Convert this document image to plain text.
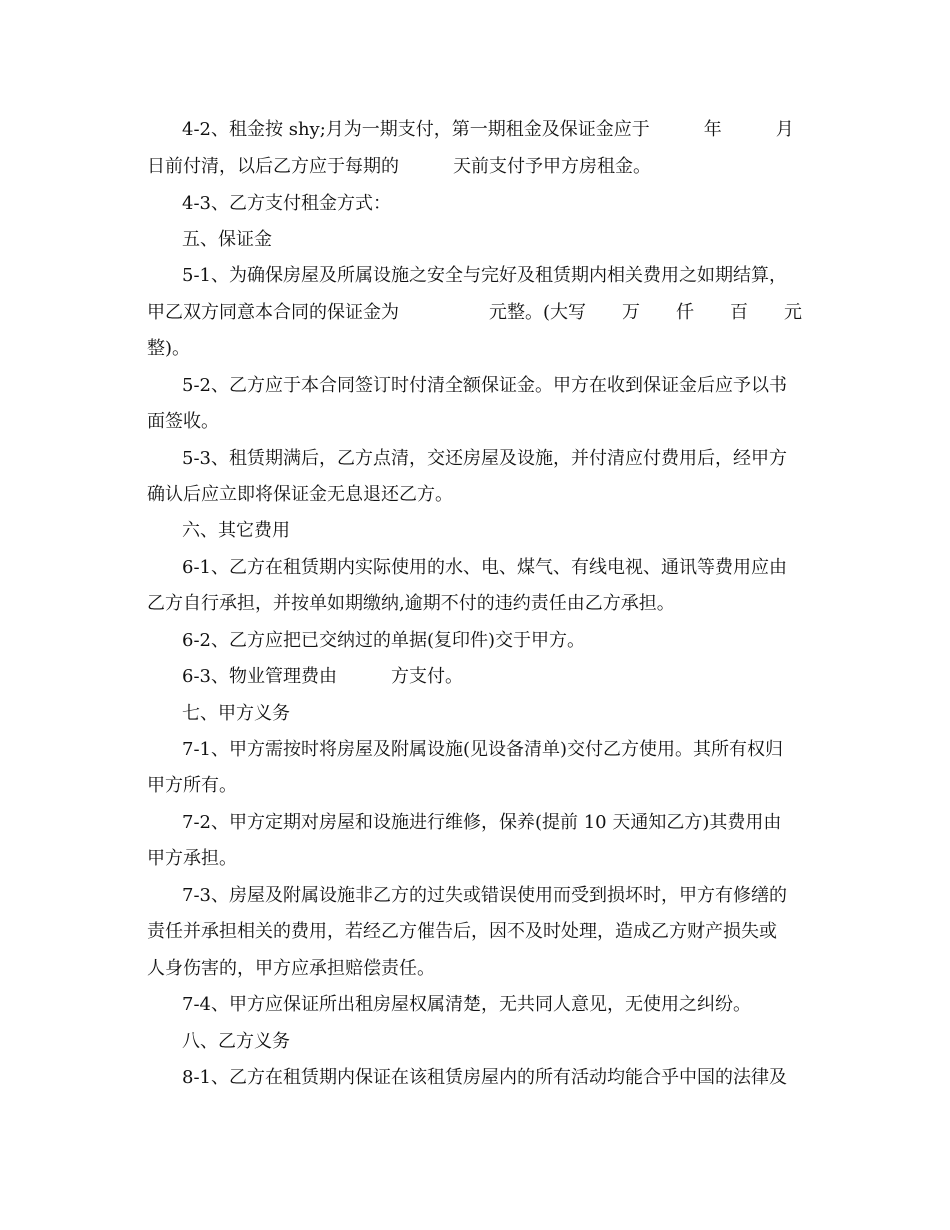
4-2、租金按 shy;月为一期支付，第一期租金及保证金应于　　　年　　　月
日前付清，以后乙方应于每期的　　　天前支付予甲方房租金。
4-3、乙方支付租金方式：
五、保证金
5-1、为确保房屋及所属设施之安全与完好及租赁期内相关费用之如期结算，
甲乙双方同意本合同的保证金为　　　　　元整。(大写　　万　　仟　　百　　元
整)。
5-2、乙方应于本合同签订时付清全额保证金。甲方在收到保证金后应予以书
面签收。
5-3、租赁期满后，乙方点清，交还房屋及设施，并付清应付费用后，经甲方
确认后应立即将保证金无息退还乙方。
六、其它费用
6-1、乙方在租赁期内实际使用的水、电、煤气、有线电视、通讯等费用应由
乙方自行承担，并按单如期缴纳,逾期不付的违约责任由乙方承担。
6-2、乙方应把已交纳过的单据(复印件)交于甲方。
6-3、物业管理费由　　　方支付。
七、甲方义务
7-1、甲方需按时将房屋及附属设施(见设备清单)交付乙方使用。其所有权归
甲方所有。
7-2、甲方定期对房屋和设施进行维修，保养(提前 10 天通知乙方)其费用由
甲方承担。
7-3、房屋及附属设施非乙方的过失或错误使用而受到损坏时，甲方有修缮的
责任并承担相关的费用，若经乙方催告后，因不及时处理，造成乙方财产损失或
人身伤害的，甲方应承担赔偿责任。
7-4、甲方应保证所出租房屋权属清楚，无共同人意见，无使用之纠纷。
八、乙方义务
8-1、乙方在租赁期内保证在该租赁房屋内的所有活动均能合乎中国的法律及
